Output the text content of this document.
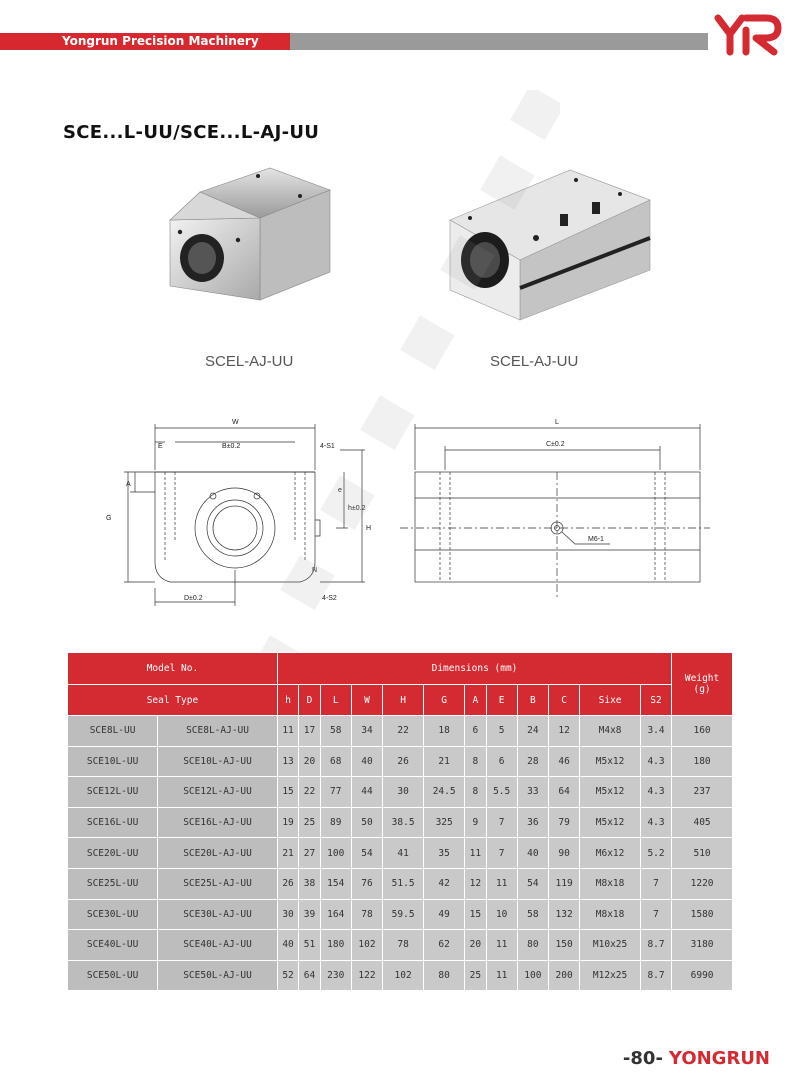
Yongrun Precision Machinery
SCE...L-UU/SCE...L-AJ-UU
SCEL-AJ-UU	SCEL-AJ-UU
W
E	B±0.2	4-S1
A
G
e
h±0.2
H
N
D±0.2	4-S2
L
C±0.2
M6-1
Model No.		Dimensions (mm)												Weight
(g)
Seal Type		h	D	L	W	H	G	A	E	B	C	Sixe	S2	
SCE8L-UU	SCE8L-AJ-UU	11	17	58	34	22	18	6	5	24	12	M4x8	3.4	160
SCE10L-UU	SCE10L-AJ-UU	13	20	68	40	26	21	8	6	28	46	M5x12	4.3	180
SCE12L-UU	SCE12L-AJ-UU	15	22	77	44	30	24.5	8	5.5	33	64	M5x12	4.3	237
SCE16L-UU	SCE16L-AJ-UU	19	25	89	50	38.5	325	9	7	36	79	M5x12	4.3	405
SCE20L-UU	SCE20L-AJ-UU	21	27	100	54	41	35	11	7	40	90	M6x12	5.2	510
SCE25L-UU	SCE25L-AJ-UU	26	38	154	76	51.5	42	12	11	54	119	M8x18	7	1220
SCE30L-UU	SCE30L-AJ-UU	30	39	164	78	59.5	49	15	10	58	132	M8x18	7	1580
SCE40L-UU	SCE40L-AJ-UU	40	51	180	102	78	62	20	11	80	150	M10x25	8.7	3180
SCE50L-UU	SCE50L-AJ-UU	52	64	230	122	102	80	25	11	100	200	M12x25	8.7	6990
-80- YONGRUN
